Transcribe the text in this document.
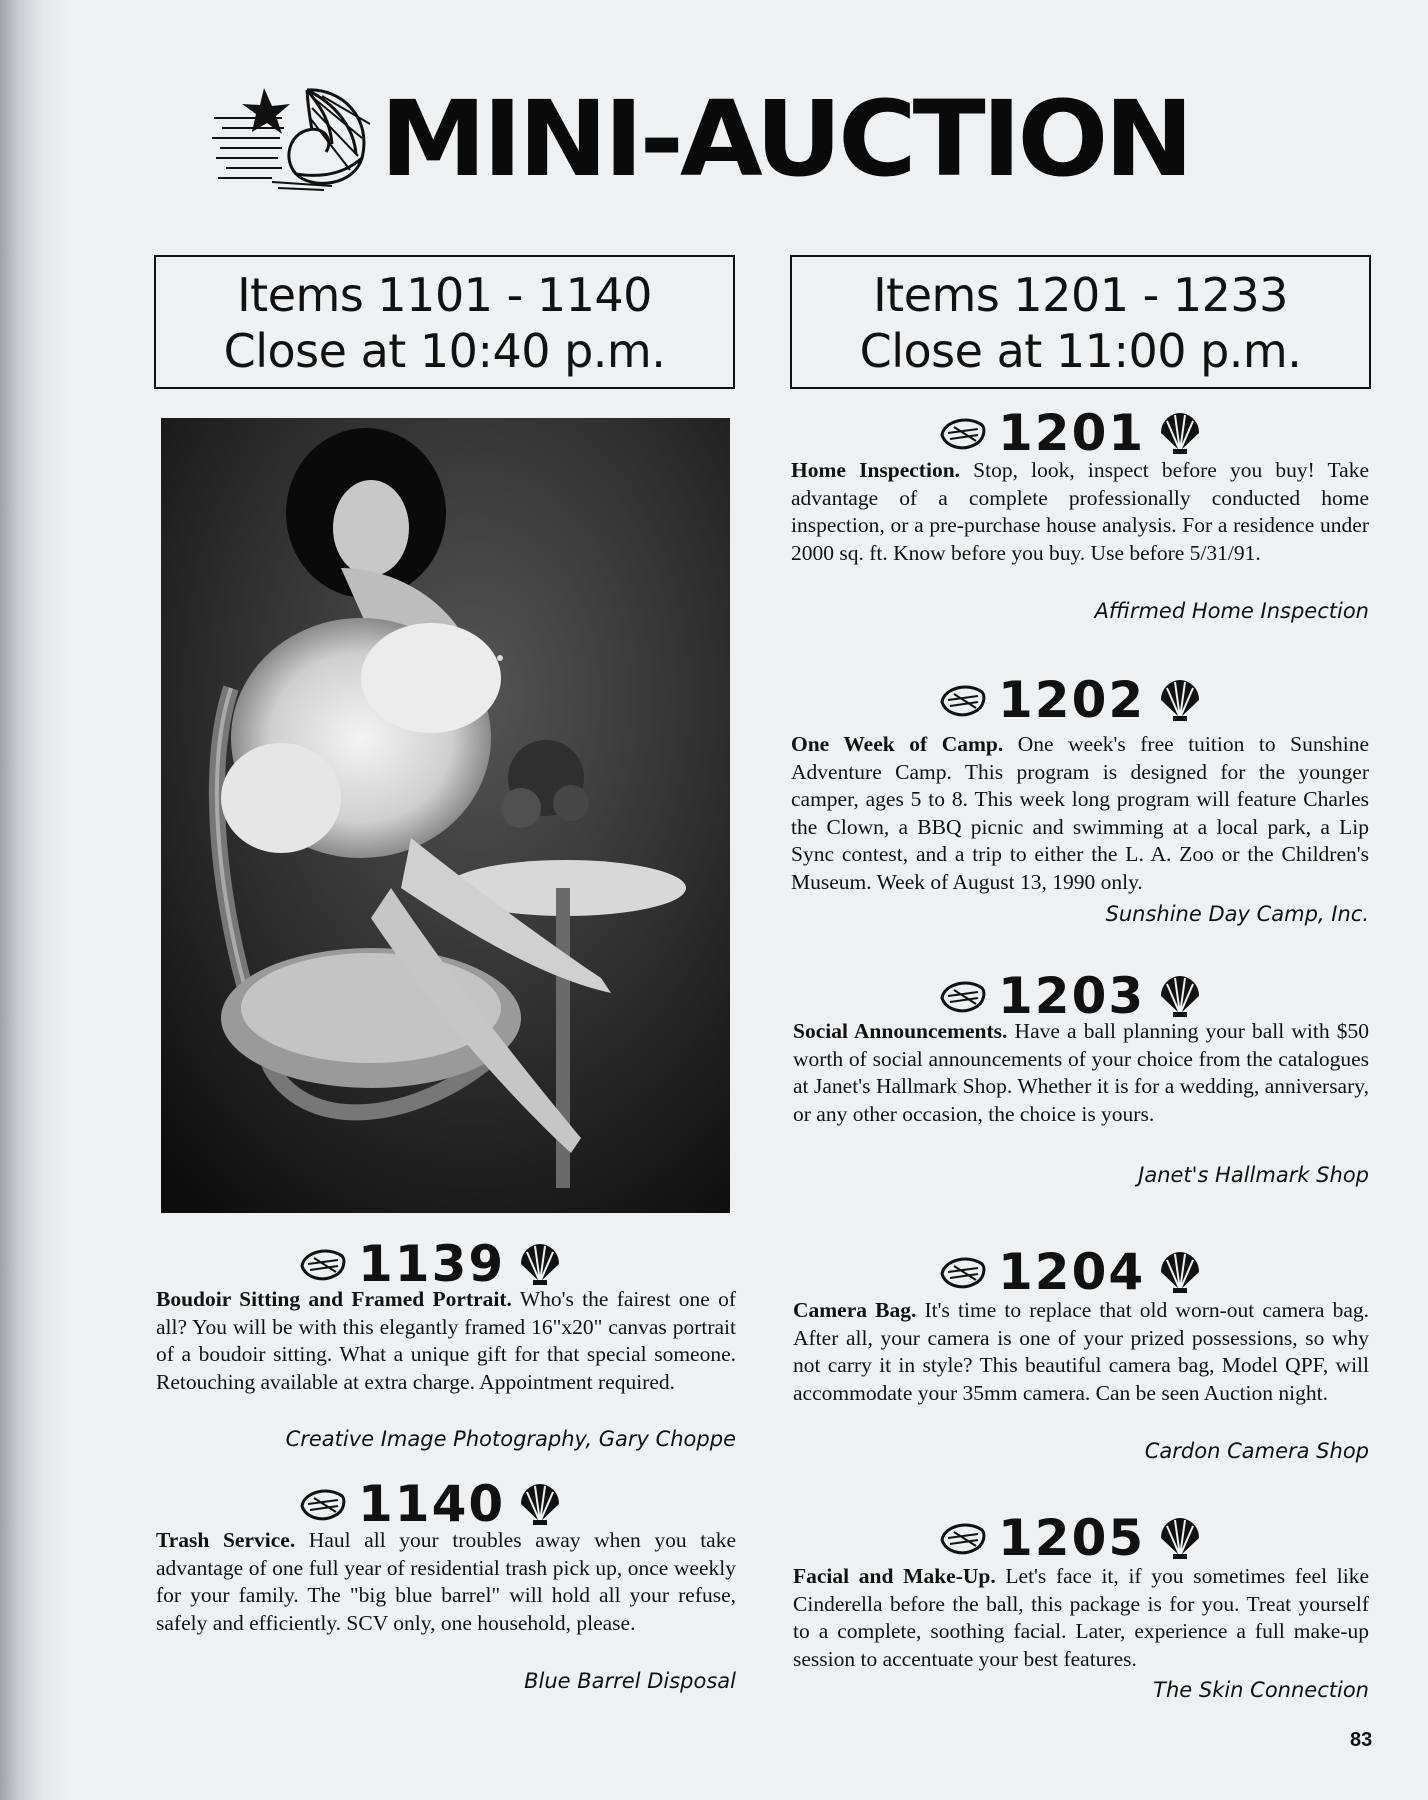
MINI-AUCTION
Items 1101 - 1140
Close at 10:40 p.m.
Items 1201 - 1233
Close at 11:00 p.m.
1139
Boudoir Sitting and Framed Portrait. Who's the fairest one of all? You will be with this elegantly framed 16"x20" canvas portrait of a boudoir sitting. What a unique gift for that special someone. Retouching available at extra charge. Appointment required.
Creative Image Photography, Gary Choppe
1140
Trash Service. Haul all your troubles away when you take advantage of one full year of residential trash pick up, once weekly for your family. The "big blue barrel" will hold all your refuse, safely and efficiently. SCV only, one household, please.
Blue Barrel Disposal
1201
Home Inspection. Stop, look, inspect before you buy! Take advantage of a complete professionally conducted home inspection, or a pre-purchase house analysis. For a residence under 2000 sq. ft. Know before you buy. Use before 5/31/91.
Affirmed Home Inspection
1202
One Week of Camp. One week's free tuition to Sunshine Adventure Camp. This program is designed for the younger camper, ages 5 to 8. This week long program will feature Charles the Clown, a BBQ picnic and swimming at a local park, a Lip Sync contest, and a trip to either the L. A. Zoo or the Children's Museum. Week of August 13, 1990 only.
Sunshine Day Camp, Inc.
1203
Social Announcements. Have a ball planning your ball with $50 worth of social announcements of your choice from the catalogues at Janet's Hallmark Shop. Whether it is for a wedding, anniversary, or any other occasion, the choice is yours.
Janet's Hallmark Shop
1204
Camera Bag. It's time to replace that old worn-out camera bag. After all, your camera is one of your prized possessions, so why not carry it in style? This beautiful camera bag, Model QPF, will accommodate your 35mm camera. Can be seen Auction night.
Cardon Camera Shop
1205
Facial and Make-Up. Let's face it, if you sometimes feel like Cinderella before the ball, this package is for you. Treat yourself to a complete, soothing facial. Later, experience a full make-up session to accentuate your best features.
The Skin Connection
83
